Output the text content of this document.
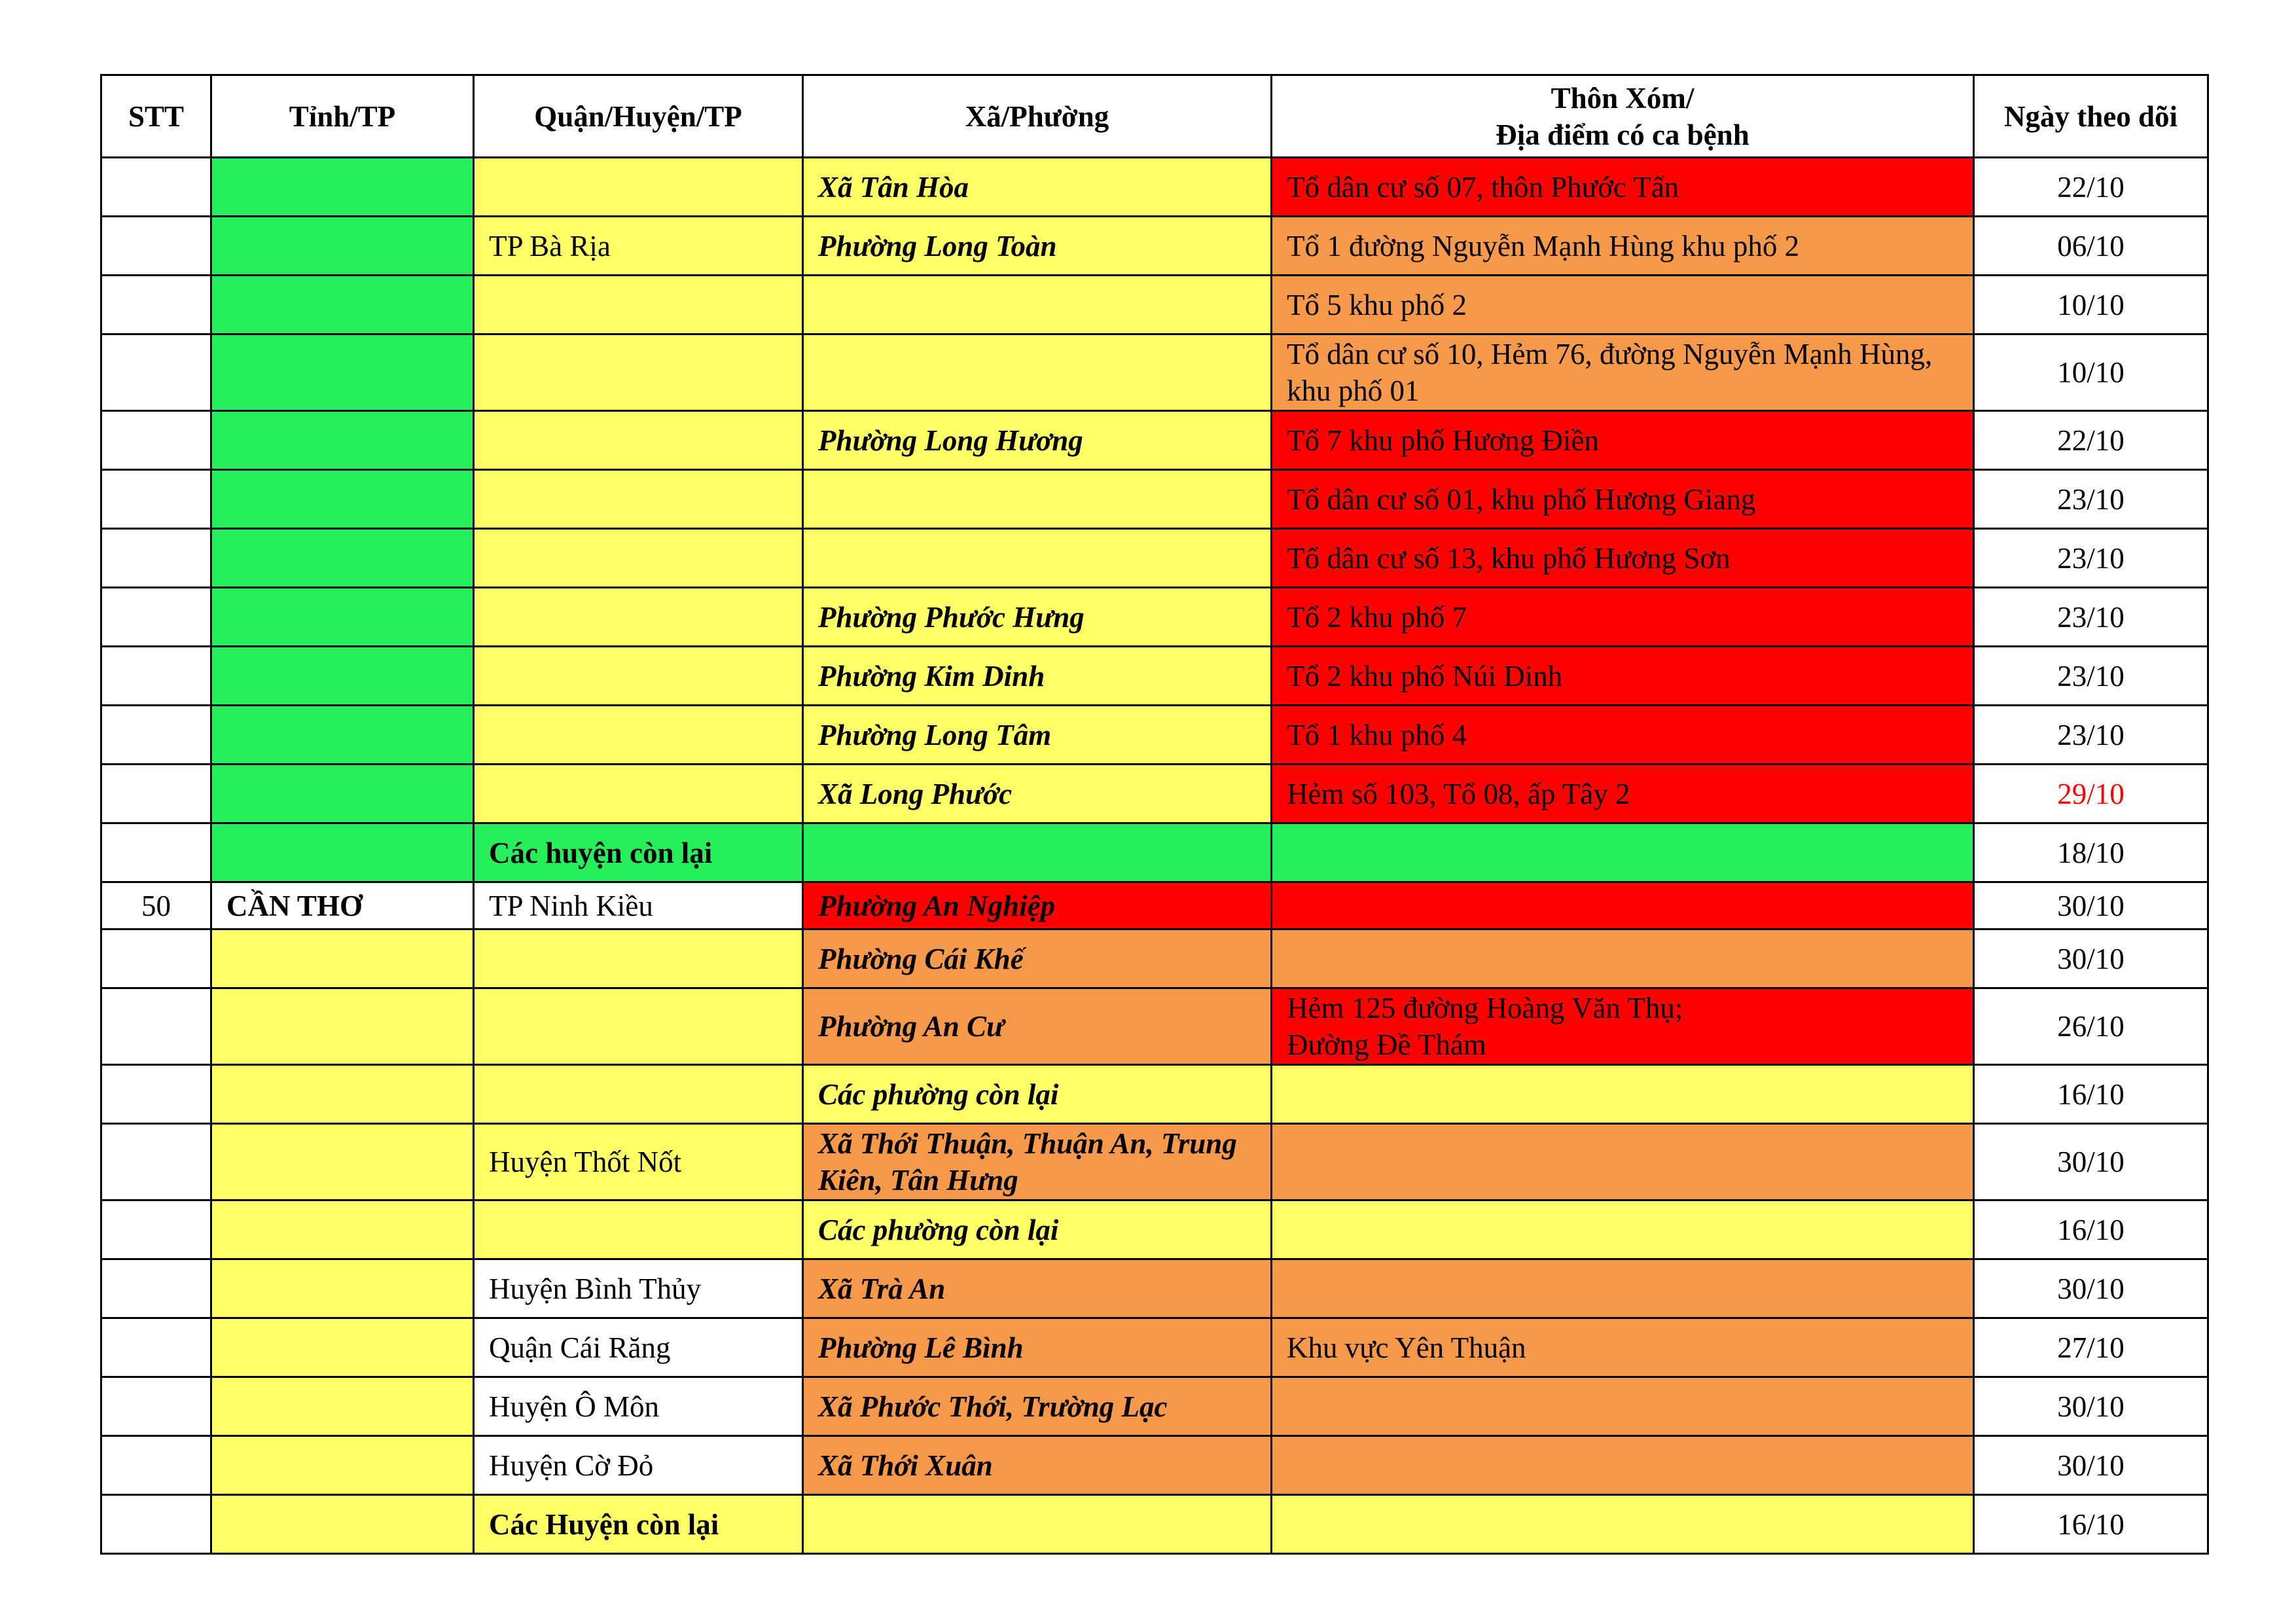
STT	Tỉnh/TP	Quận/Huyện/TP	Xã/Phường	Thôn Xóm/
Địa điểm có ca bệnh	Ngày theo dõi
			Xã Tân Hòa	Tổ dân cư số 07, thôn Phước Tấn	22/10
		TP Bà Rịa	Phường Long Toàn	Tổ 1 đường Nguyễn Mạnh Hùng khu phố 2	06/10
				Tổ 5 khu phố 2	10/10
				Tổ dân cư số 10, Hẻm 76, đường Nguyễn Mạnh Hùng, khu phố 01	10/10
			Phường Long Hương	Tổ 7 khu phố Hương Điền	22/10
				Tổ dân cư số 01, khu phố Hương Giang	23/10
				Tổ dân cư số 13, khu phố Hương Sơn	23/10
			Phường Phước Hưng	Tổ 2 khu phố 7	23/10
			Phường Kim Dinh	Tổ 2 khu phố Núi Dinh	23/10
			Phường Long Tâm	Tổ 1 khu phố 4	23/10
			Xã Long Phước	Hẻm số 103, Tổ 08, ấp Tây 2	29/10
		Các huyện còn lại			18/10
50	CẦN THƠ	TP Ninh Kiều	Phường An Nghiệp		30/10
			Phường Cái Khế		30/10
			Phường An Cư	Hẻm 125 đường Hoàng Văn Thụ;
Đường Đề Thám	26/10
			Các phường còn lại		16/10
		Huyện Thốt Nốt	Xã Thới Thuận, Thuận An, Trung Kiên, Tân Hưng		30/10
			Các phường còn lại		16/10
		Huyện Bình Thủy	Xã Trà An		30/10
		Quận Cái Răng	Phường Lê Bình	Khu vực Yên Thuận	27/10
		Huyện Ô Môn	Xã Phước Thới, Trường Lạc		30/10
		Huyện Cờ Đỏ	Xã Thới Xuân		30/10
		Các Huyện còn lại			16/10
